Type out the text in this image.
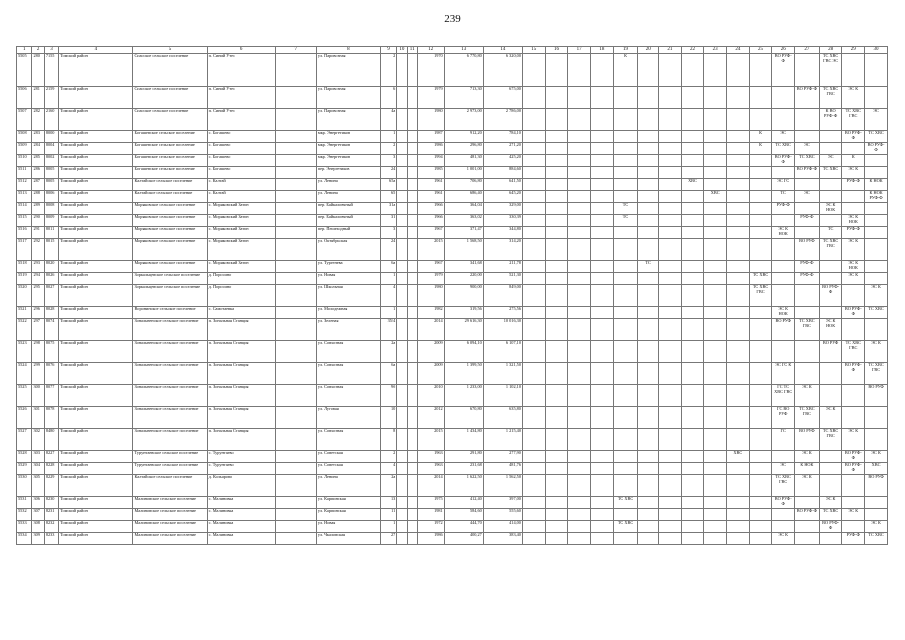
239
1	2	3	4	5	6	7	8	9	10	11	12	13	14	15	16	17	18	19	20	21	22	23	24	25	26	27	28	29	30
5505	280	7155	Томский район	Спасское сельское поселение	п. Синий Утес		ул. Паровозная	2			1970	6 770,80	6 320,00					К							ВО РУФ-Ф		ТС ХВС ГВС ЭС		
5506	281	2159	Томский район	Спасское сельское поселение	п. Синий Утес		ул. Паровозная	6			1979	713,30	675,00													ВО РУФ-Ф	ТС ХВС ГВС	ЭС К	
5507	282	2160	Томский район	Спасское сельское поселение	п. Синий Утес		ул. Паровозная	4а			1980	2 973,00	2 786,00														К ВО РУФ-Ф	ТС ХВС ГВС	ЭС
5508	283	8000	Томский район	Богашевское сельское поселение	с. Богашево		мкр. Энергетиков	1			1987	912,20	784,10											К	ЭС			ВО РУФ-Ф	ТС ХВС
5509	284	8004	Томский район	Богашевское сельское поселение	с. Богашево		мкр. Энергетиков	2			1986	296,80	271,20											К	ТС ХВС	ЭС			ВО РУФ-Ф
5510	285	8002	Томский район	Богашевское сельское поселение	с. Богашево		мкр. Энергетиков	3			1994	481,30	425,20												ВО РУФ-Ф	ТС ХВС	ЭС	К	
5511	286	8005	Томский район	Богашевское сельское поселение	с. Богашево		пер. Энергетиков	24			1985	1 001,00	884,60													ВО РУФ-Ф	ТС ХВС	ЭС К	
5512	287	8005	Томский район	Калтайское сельское поселение	с. Калтай		ул. Ленина	65а			1961	706,80	641,50								ХВС				ЭС ГС			РУФ-Ф	К НОК
5513	288	8006	Томский район	Калтайское сельское поселение	с. Калтай		ул. Ленина	65			1961	686,40	645,20									ХВС			ТС	ЭС			К НОК РУФ-Ф
5514	289	8008	Томский район	Моряковское сельское поселение	с. Моряковский Затон		пер. Байкаловчный	31а			1966	364,04	329,00					ТС							РУФ-Ф		ЭС К НОК		
5515	290	8009	Томский район	Моряковское сельское поселение	с. Моряковский Затон		пер. Байкаловчный	31			1966	363,02	330,39					ТС								РУФ-Ф		ЭС К НОК	
5516	291	8011	Томский район	Моряковское сельское поселение	с. Моряковский Затон		пер. Пешеходный	3			1967	371,47	344,80												ЭС К НОК		ТС	РУФ-Ф	
5517	292	8015	Томский район	Моряковское сельское поселение	с. Моряковский Затон		ул. Октябрьская	24			2015	1 568,50	314,20													ВО РУФ	ТС ХВС ГВС	ЭС К	
5518	293	8020	Томский район	Моряковское сельское поселение	с. Моряковский Затон		ул. Тургенева	6а			1967	341,68	211,78						ТС							РУФ-Ф		ЭС К НОК	
5519	294	8026	Томский район	Зоркальцевское сельское поселение	д. Поросино		ул. Новая	1			1979	220,00	521,30											ТС ХВС		РУФ-Ф		ЭС К	
5520	295	8027	Томский район	Зоркальцевское сельское поселение	д. Поросино		ул. Школьная	4			1980	900,00	849,00											ТС ХВС ГВС			ВО РУФ-Ф		ЭС К
5521	296	8028	Томский район	Воронинское сельское поселение	с. Самотаевка		ул. Молодежная	1			1982	319,56	275,56												ЭС К НОК			ВО РУФ-Ф	ТС ХВС
5522	297	8074	Томский район	Зональненское сельское поселение	п. Зональная Станция		ул. Зеленая	35/4			2014	29 616,30	10 016,30												ВО РУФ	ТС ХВС ГВС	ЭС К НОК		
5523	298	8075	Томский район	Зональненское сельское поселение	п. Зональная Станция		ул. Совхозная	2а			2009	6 094,10	6 107,10														ВО РУФ	ТС ХВС ГВС	ЭС К
5524	299	8076	Томский район	Зональненское сельское поселение	п. Зональная Станция		ул. Совхозная	6а			2009	1 399,50	1 321,50												ЭС ГС К			ВО РУФ-Ф	ТС ХВС ГВС
5525	300	8077	Томский район	Зональненское сельское поселение	п. Зональная Станция		ул. Совхозная	9б			2010	1 233,00	1 102,10												ГС ТС ХВС ГВС	ЭС К			ВО РУФ
5526	301	8078	Томский район	Зональненское сельское поселение	п. Зональная Станция		ул. Луговая	10			2012	670,80	635,80												ГС ВО РУФ	ТС ХВС ГВС	ЭС К		
5527	302	8480	Томский район	Зональненское сельское поселение	п. Зональная Станция		ул. Совхозная	8			2015	1 434,80	1 215,40												ГС	ВО РУФ	ТС ХВС ГВС	ЭС К	
5528	303	8227	Томский район	Турунтаевское сельское поселение	с. Турунтаево		ул. Советская	2			1963	291,80	277,90										ХВС			ЭС К		ВО РУФ-Ф	ЭС К
5529	304	8228	Томский район	Турунтаевское сельское поселение	с. Турунтаево		ул. Советская	4			1963	231,68	481,76												ЭС	К НОК		ВО РУФ-Ф	ХВС
5530	305	8229	Томский район	Калтайское сельское поселение	д. Кольарово		ул. Ленина	2а			2014	1 622,50	1 562,50												ТС ХВС ГВС	ЭС К			ВО РУФ
5531	306	8230	Томский район	Малиновское сельское поселение	с. Малиновка		ул. Карпинская	13			1975	412,40	397,00					ТС ХВС							ВО РУФ-Ф		ЭС К		
5532	307	8231	Томский район	Малиновское сельское поселение	с. Малиновка		ул. Карпинская	11			1981	584,60	555,60													ВО РУФ-Ф	ТС ХВС	ЭС К	
5533	308	8232	Томский район	Малиновское сельское поселение	с. Малиновка		ул. Новая	1			1972	444,70	414,00					ТС ХВС									ВО РУФ-Ф		ЭС К
5534	309	8233	Томский район	Малиновское сельское поселение	с. Малиновка		ул. Чкаловская	27			1986	400,27	383,40												ЭС К			РУФ-Ф	ТС ХВС
